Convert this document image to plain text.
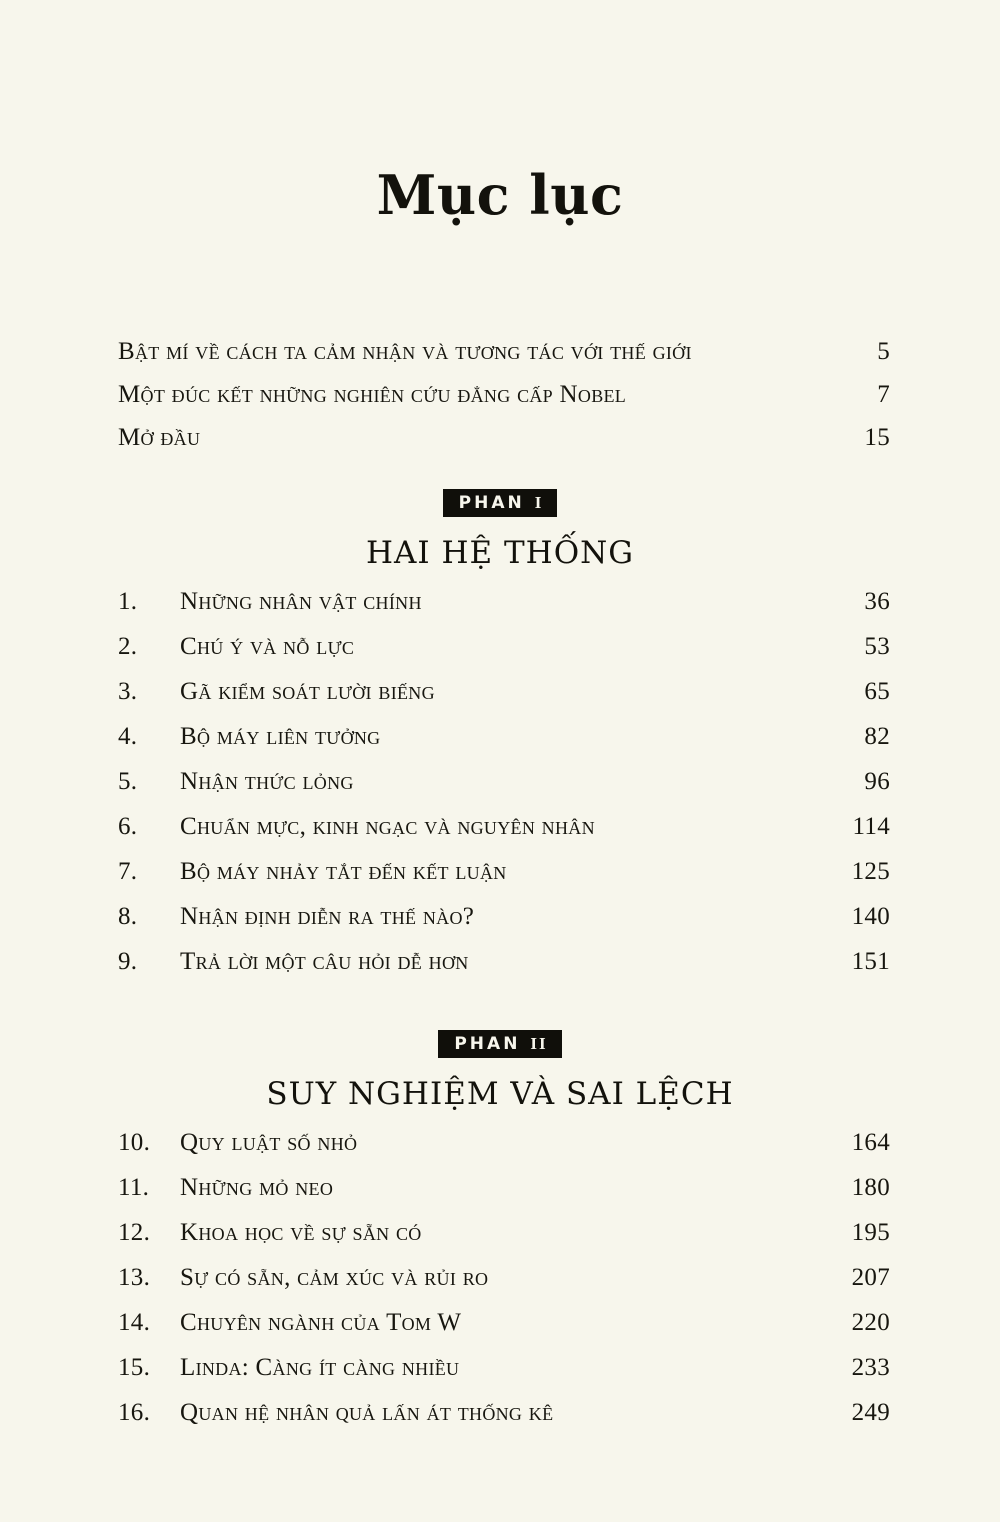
Mục lục
Bật mí về cách ta cảm nhận và tương tác với thế giới	5
Một đúc kết những nghiên cứu đẳng cấp Nobel	7
Mở đầu	15
PHAN I
HAI HỆ THỐNG
1.	Những nhân vật chính	36
2.	Chú ý và nỗ lực	53
3.	Gã kiểm soát lười biếng	65
4.	Bộ máy liên tưởng	82
5.	Nhận thức lỏng	96
6.	Chuẩn mực, kinh ngạc và nguyên nhân	114
7.	Bộ máy nhảy tắt đến kết luận	125
8.	Nhận định diễn ra thế nào?	140
9.	Trả lời một câu hỏi dễ hơn	151
PHAN II
SUY NGHIỆM VÀ SAI LỆCH
10.	Quy luật số nhỏ	164
11.	Những mỏ neo	180
12.	Khoa học về sự sẵn có	195
13.	Sự có sẵn, cảm xúc và rủi ro	207
14.	Chuyên ngành của Tom W	220
15.	Linda: Càng ít càng nhiều	233
16.	Quan hệ nhân quả lấn át thống kê	249
